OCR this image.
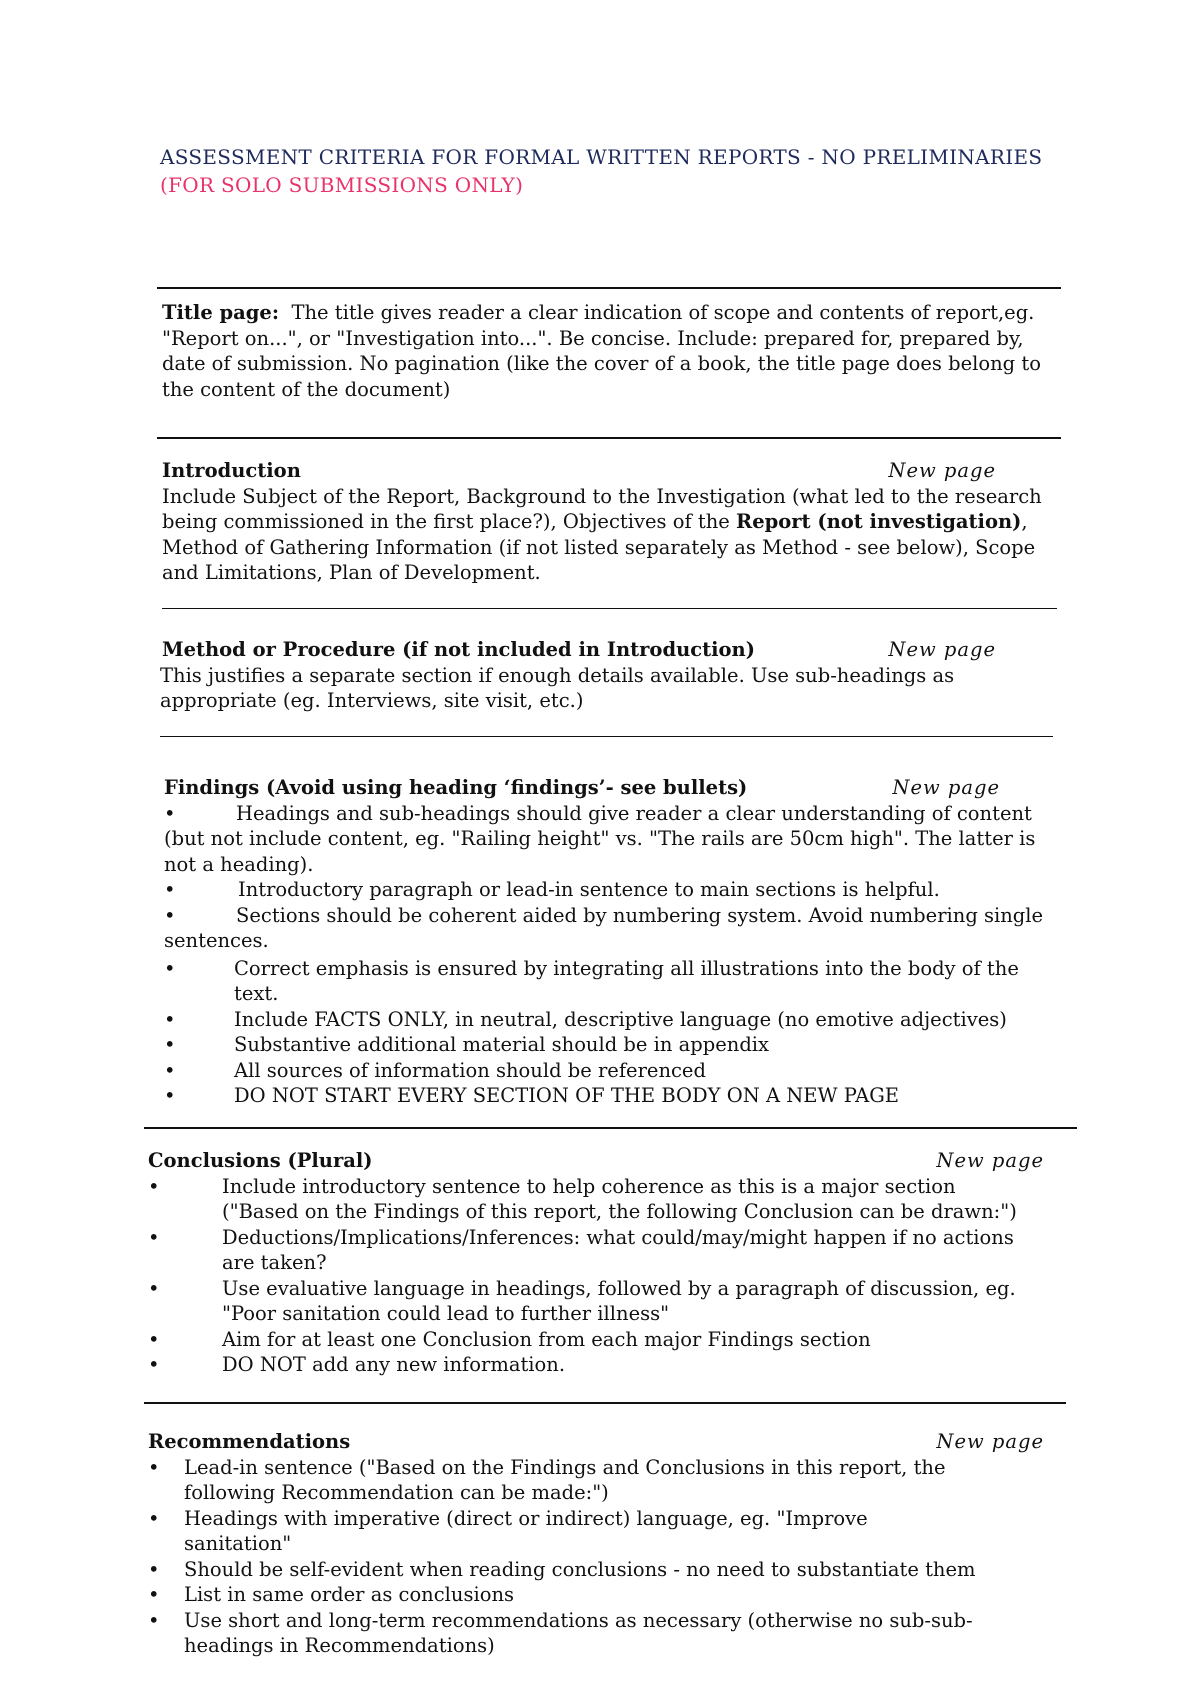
ASSESSMENT CRITERIA FOR FORMAL WRITTEN REPORTS - NO PRELIMINARIES (FOR SOLO SUBMISSIONS ONLY)

Title page: The title gives reader a clear indication of scope and contents of report,eg. "Report on...", or "Investigation into...". Be concise. Include: prepared for, prepared by, date of submission. No pagination (like the cover of a book, the title page does belong to the content of the document)

Introduction	New page

Include Subject of the Report, Background to the Investigation (what led to the research being commissioned in the first place?), Objectives of the Report (not investigation), Method of Gathering Information (if not listed separately as Method - see below), Scope and Limitations, Plan of Development.

Method or Procedure (if not included in Introduction)	New page

This justifies a separate section if enough details available. Use sub-headings as appropriate (eg. Interviews, site visit, etc.)

Findings (Avoid using heading ‘findings’- see bullets)	New page
•	Headings and sub-headings should give reader a clear understanding of content (but not include content, eg. "Railing height" vs. "The rails are 50cm high". The latter is not a heading).
•	Introductory paragraph or lead-in sentence to main sections is helpful.
•	Sections should be coherent aided by numbering system. Avoid numbering single sentences.
•	Correct emphasis is ensured by integrating all illustrations into the body of the text.
•	Include FACTS ONLY, in neutral, descriptive language (no emotive adjectives)
•	Substantive additional material should be in appendix
•	All sources of information should be referenced
•	DO NOT START EVERY SECTION OF THE BODY ON A NEW PAGE
Conclusions (Plural)	New page
•	Include introductory sentence to help coherence as this is a major section ("Based on the Findings of this report, the following Conclusion can be drawn:")
•	Deductions/Implications/Inferences: what could/may/might happen if no actions are taken?
•	Use evaluative language in headings, followed by a paragraph of discussion, eg. "Poor sanitation could lead to further illness"
•	Aim for at least one Conclusion from each major Findings section
•	DO NOT add any new information.
Recommendations	New page
•	Lead-in sentence ("Based on the Findings and Conclusions in this report, the following Recommendation can be made:")
•	Headings with imperative (direct or indirect) language, eg. "Improve sanitation"
•	Should be self-evident when reading conclusions - no need to substantiate them
•	List in same order as conclusions
•	Use short and long-term recommendations as necessary (otherwise no sub-sub-headings in Recommendations)
